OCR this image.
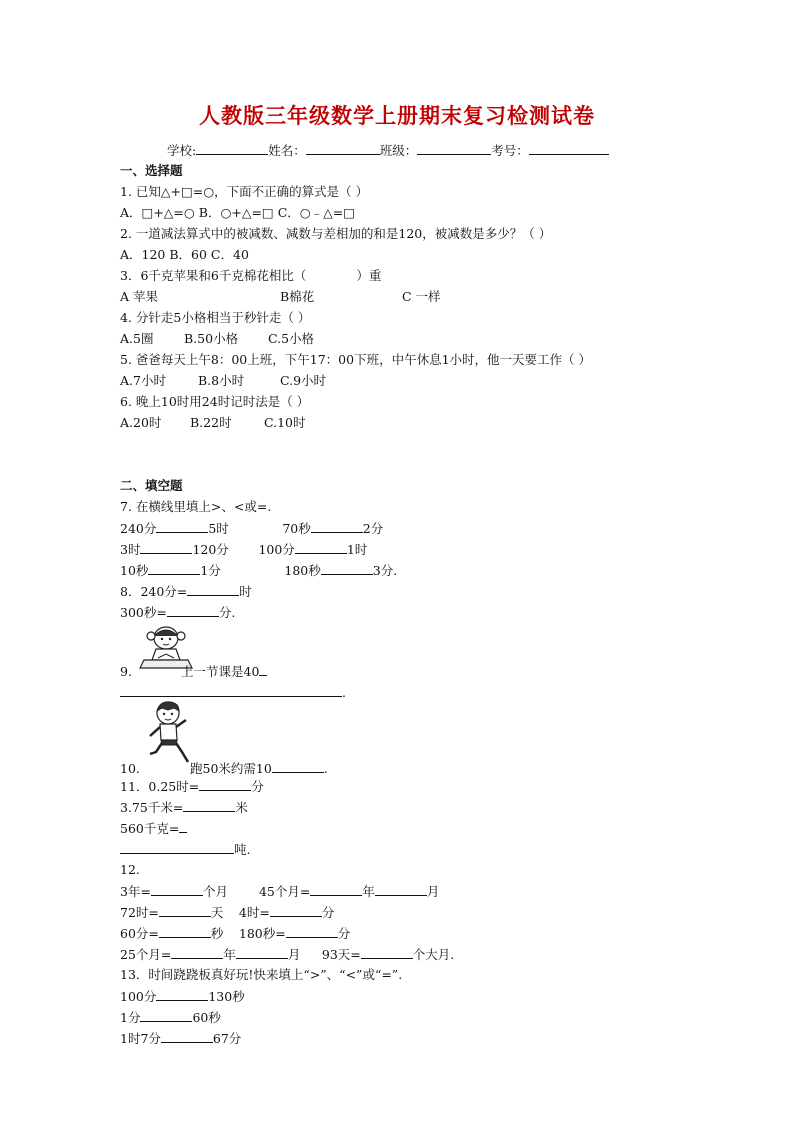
人教版三年级数学上册期末复习检测试卷
学校:	姓名：	班级：	考号：
一、选择题
1. 已知△+□=○，下面不正确的算式是（ ）
A．□+△=○ B．○+△=□ C．○﹣△=□
2. 一道减法算式中的被减数、减数与差相加的和是120，被减数是多少？（ ）
A．120 B．60 C．40
3．6千克苹果和6千克棉花相比（	）重
A 苹果	B棉花	C 一样
4. 分针走5小格相当于秒针走（ ）
A.5圈 B.50小格 C.5小格
5. 爸爸每天上午8：00上班，下午17：00下班，中午休息1小时，他一天要工作（ ）
A.7小时	B.8小时	C.9小时
6. 晚上10时用24时记时法是（ ）
A.20时 B.22时	C.10时
二、填空题
7. 在横线里填上>、<或=.
240分	5时	70秒	2分
3时	120分 100分	1时
10秒	1分	180秒	3分.
8．240分=	时
300秒=	分.
9.	上一节课是40
.
10.	跑50米约需10	.
11．0.25时=	分
3.75千米=	米
560千克=
吨.
12.
3年=	个月 45个月=	年	月
72时=	天 4时=	分
60分=	秒 180秒=	分
25个月=	年	月 93天=	个大月.
13．时间跷跷板真好玩!快来填上“>”、“<”或“=”.
100分	130秒
1分	60秒
1时7分	67分
